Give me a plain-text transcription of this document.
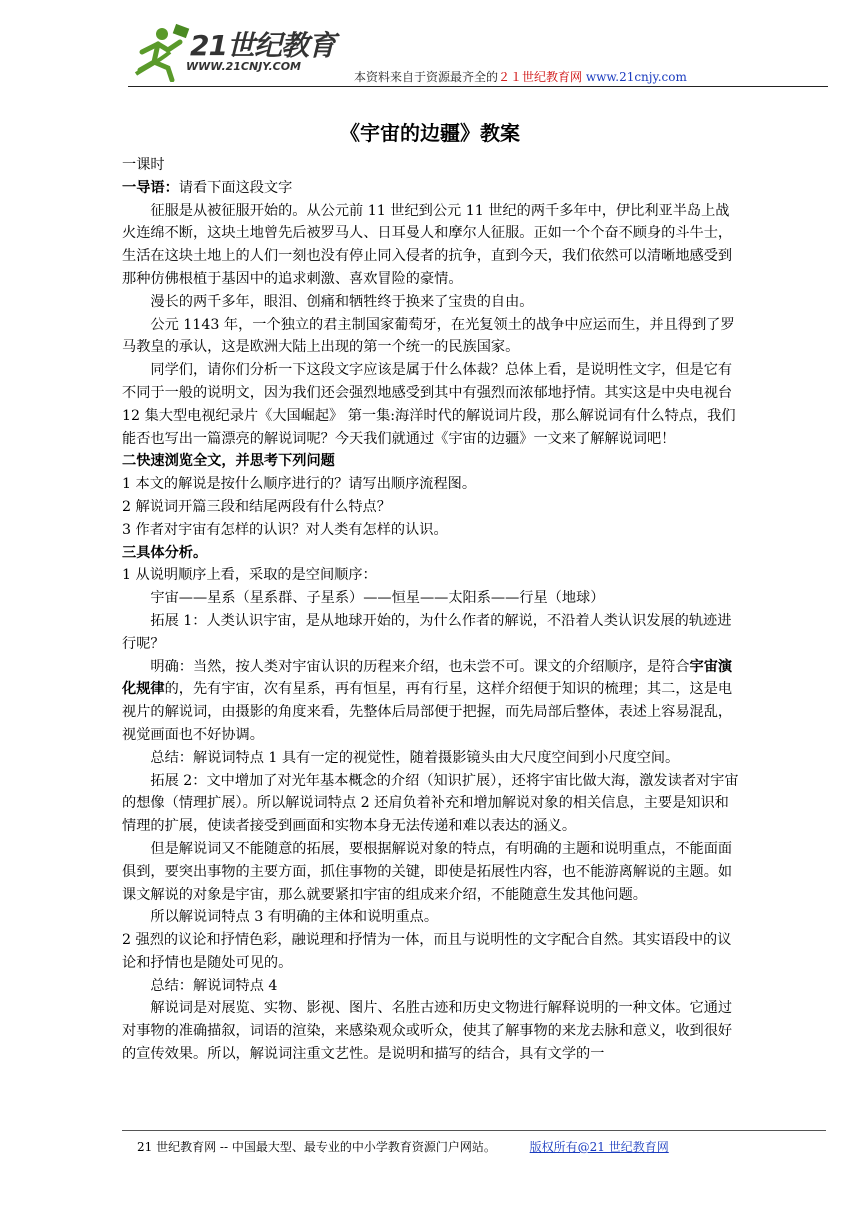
21世纪教育
WWW.21CNJY.COM
本资料来自于资源最齐全的２１世纪教育网 www.21cnjy.com
《宇宙的边疆》教案

一课时

一导语：请看下面这段文字

征服是从被征服开始的。从公元前 11 世纪到公元 11 世纪的两千多年中，伊比利亚半岛上战火连绵不断，这块土地曾先后被罗马人、日耳曼人和摩尔人征服。正如一个个奋不顾身的斗牛士，生活在这块土地上的人们一刻也没有停止同入侵者的抗争，直到今天，我们依然可以清晰地感受到那种仿佛根植于基因中的追求刺激、喜欢冒险的豪情。

漫长的两千多年，眼泪、创痛和牺牲终于换来了宝贵的自由。

公元 1143 年，一个独立的君主制国家葡萄牙，在光复领土的战争中应运而生，并且得到了罗马教皇的承认，这是欧洲大陆上出现的第一个统一的民族国家。

同学们，请你们分析一下这段文字应该是属于什么体裁？总体上看，是说明性文字，但是它有不同于一般的说明文，因为我们还会强烈地感受到其中有强烈而浓郁地抒情。其实这是中央电视台 12 集大型电视纪录片《大国崛起》 第一集:海洋时代的解说词片段，那么解说词有什么特点，我们能否也写出一篇漂亮的解说词呢？今天我们就通过《宇宙的边疆》一文来了解解说词吧！

二快速浏览全文，并思考下列问题

1 本文的解说是按什么顺序进行的？请写出顺序流程图。

2 解说词开篇三段和结尾两段有什么特点？

3 作者对宇宙有怎样的认识？对人类有怎样的认识。

三具体分析。

1 从说明顺序上看，采取的是空间顺序：

宇宙——星系（星系群、子星系）——恒星——太阳系——行星（地球）

拓展 1：人类认识宇宙，是从地球开始的，为什么作者的解说，不沿着人类认识发展的轨迹进行呢？

明确：当然，按人类对宇宙认识的历程来介绍，也未尝不可。课文的介绍顺序，是符合宇宙演化规律的，先有宇宙，次有星系，再有恒星，再有行星，这样介绍便于知识的梳理；其二，这是电视片的解说词，由摄影的角度来看，先整体后局部便于把握，而先局部后整体，表述上容易混乱，视觉画面也不好协调。

总结：解说词特点 1 具有一定的视觉性，随着摄影镜头由大尺度空间到小尺度空间。

拓展 2：文中增加了对光年基本概念的介绍（知识扩展），还将宇宙比做大海，激发读者对宇宙的想像（情理扩展）。所以解说词特点 2 还肩负着补充和增加解说对象的相关信息，主要是知识和情理的扩展，使读者接受到画面和实物本身无法传递和难以表达的涵义。

但是解说词又不能随意的拓展，要根据解说对象的特点，有明确的主题和说明重点，不能面面俱到，要突出事物的主要方面，抓住事物的关键，即使是拓展性内容，也不能游离解说的主题。如课文解说的对象是宇宙，那么就要紧扣宇宙的组成来介绍，不能随意生发其他问题。

所以解说词特点 3 有明确的主体和说明重点。

2 强烈的议论和抒情色彩，融说理和抒情为一体，而且与说明性的文字配合自然。其实语段中的议论和抒情也是随处可见的。

总结：解说词特点 4

解说词是对展览、实物、影视、图片、名胜古迹和历史文物进行解释说明的一种文体。它通过对事物的准确描叙，词语的渲染，来感染观众或听众，使其了解事物的来龙去脉和意义，收到很好的宣传效果。所以，解说词注重文艺性。是说明和描写的结合，具有文学的一

21 世纪教育网 -- 中国最大型、最专业的中小学教育资源门户网站。	版权所有@21 世纪教育网
